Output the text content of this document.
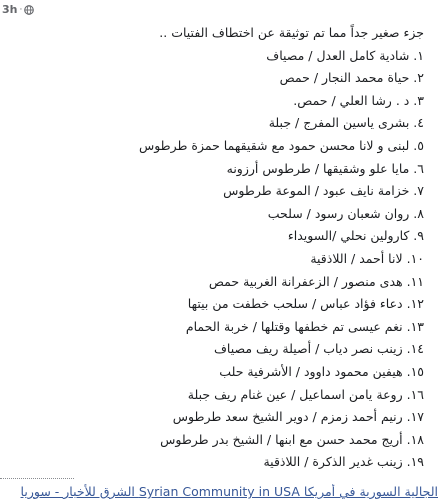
3h ·
جزء صغير جداً مما تم توثيقة عن اختطاف الفتيات ..
١. شادية كامل العدل / مصياف
٢. حياة محمد النجار / حمص
٣. د . رشا العلي / حمص.
٤. بشرى ياسين المفرج / جبلة
٥. لبنى و لانا محسن حمود مع شقيقهما حمزة طرطوس
٦. مايا علو وشقيقها / طرطوس أرزونه
٧. خزامة نايف عبود / الموعة طرطوس
٨. روان شعبان رسود / سلحب
٩. كارولين نحلي /السويداء
١٠. لانا أحمد / اللاذقية
١١. هدى منصور / الزعفرانة الغربية حمص
١٢. دعاء فؤاد عباس / سلحب خطفت من بيتها
١٣. نغم عيسى تم خطفها وقتلها / خربة الحمام
١٤. زينب نصر دياب / أصيلة ريف مصياف
١٥. هيفين محمود داوود / الأشرفية حلب
١٦. روعة يامن اسماعيل / عين غنام ريف جبلة
١٧. رنيم أحمد زمزم / دوير الشيخ سعد طرطوس
١٨. أريج محمد حسن مع ابنها / الشيخ بدر طرطوس
١٩. زينب غدير الذكرة / اللاذقية
الجالية السورية في أمريكا Syrian Community in USA الشرق للأخبار - سوريا
